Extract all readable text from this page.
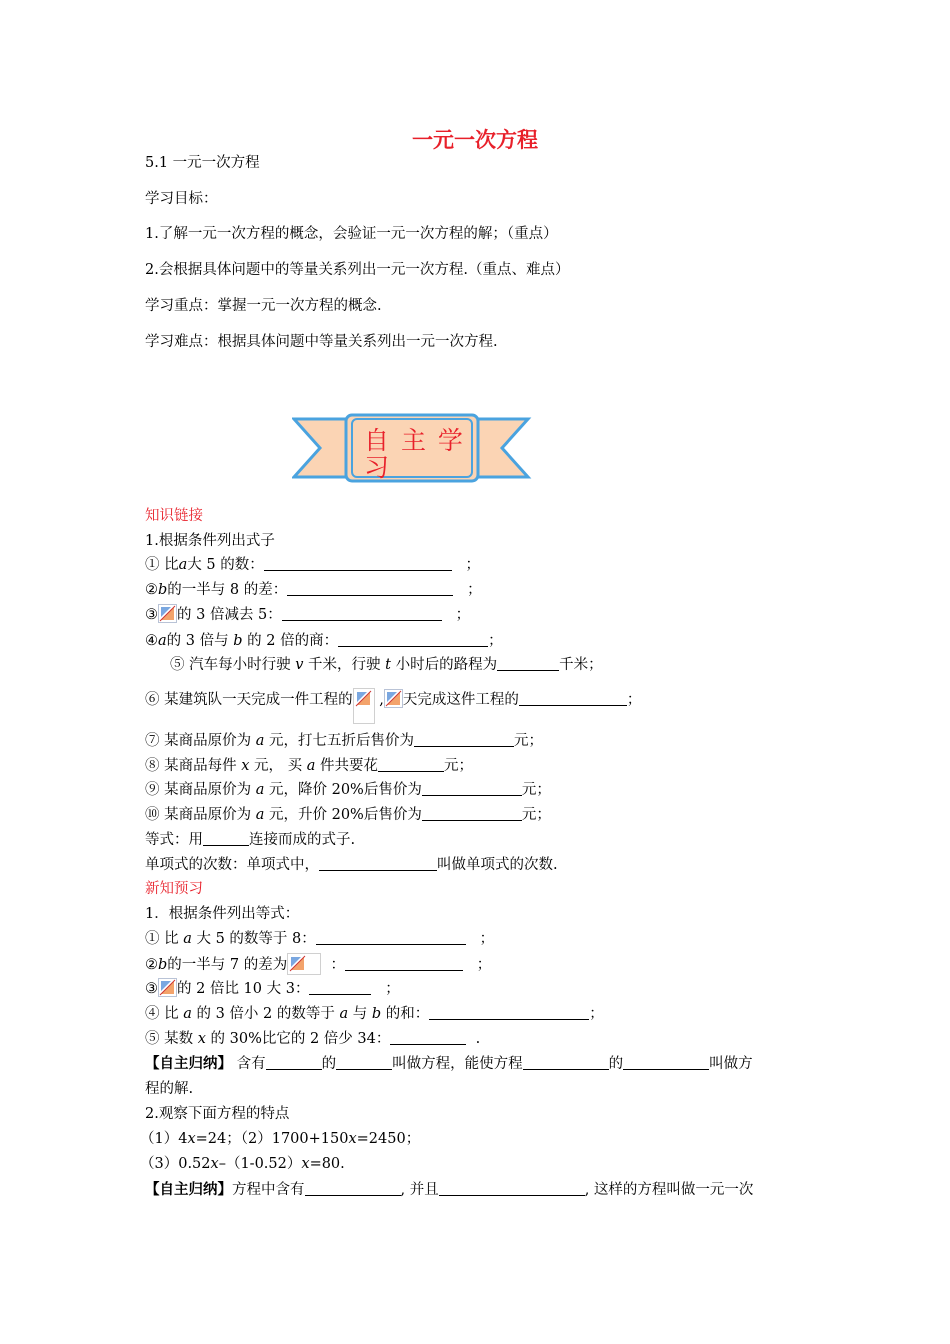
一元一次方程
5.1 一元一次方程
学习目标：
1.了解一元一次方程的概念，会验证一元一次方程的解；（重点）
2.会根据具体问题中的等量关系列出一元一次方程.（重点、难点）
学习重点：掌握一元一次方程的概念.
学习难点：根据具体问题中等量关系列出一元一次方程.
自 主 学 习
知识链接
1.根据条件列出式子
① 比a大 5 的数：	；
②b的一半与 8 的差：	；
③ 的 3 倍减去 5：	；
④a的 3 倍与 b 的 2 倍的商：	；
⑤ 汽车每小时行驶 v 千米，行驶 t 小时后的路程为	千米；
⑥ 某建筑队一天完成一件工程的
, 天完成这件工程的	；
⑦ 某商品原价为 a 元，打七五折后售价为	元；
⑧ 某商品每件 x 元， 买 a 件共要花	元；
⑨ 某商品原价为 a 元，降价 20%后售价为	元；
⑩ 某商品原价为 a 元，升价 20%后售价为	元；
等式：用	连接而成的式子.
单项式的次数：单项式中，	叫做单项式的次数.
新知预习
1．根据条件列出等式：
① 比 a 大 5 的数等于 8：	；
②b的一半与 7 的差为	：	；
③ 的 2 倍比 10 大 3：	；
④ 比 a 的 3 倍小 2 的数等于 a 与 b 的和：	；
⑤ 某数 x 的 30%比它的 2 倍少 34：	.
【自主归纳】 含有	的	叫做方程，能使方程	的	叫做方
程的解.
2.观察下面方程的特点
（1）4x=24；（2）1700+150x=2450；
（3）0.52x–（1-0.52）x=80.
【自主归纳】方程中含有	, 并且	, 这样的方程叫做一元一次
